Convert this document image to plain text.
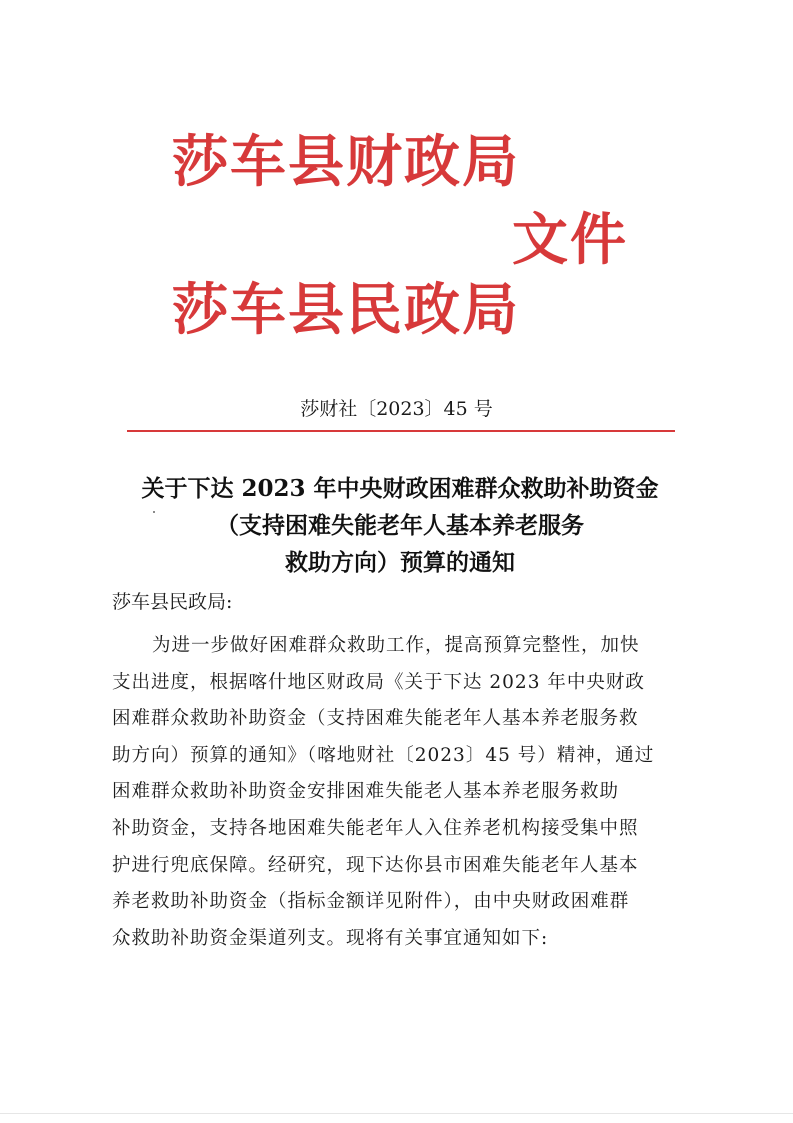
莎车县财政局
文件
莎车县民政局
莎财社〔2023〕45 号
关于下达 2023 年中央财政困难群众救助补助资金
（支持困难失能老年人基本养老服务
救助方向）预算的通知
莎车县民政局:
为进一步做好困难群众救助工作，提高预算完整性，加快
支出进度，根据喀什地区财政局《关于下达 2023 年中央财政
困难群众救助补助资金（支持困难失能老年人基本养老服务救
助方向）预算的通知》（喀地财社〔2023〕45 号）精神，通过
困难群众救助补助资金安排困难失能老人基本养老服务救助
补助资金，支持各地困难失能老年人入住养老机构接受集中照
护进行兜底保障。经研究，现下达你县市困难失能老年人基本
养老救助补助资金（指标金额详见附件），由中央财政困难群
众救助补助资金渠道列支。现将有关事宜通知如下:
